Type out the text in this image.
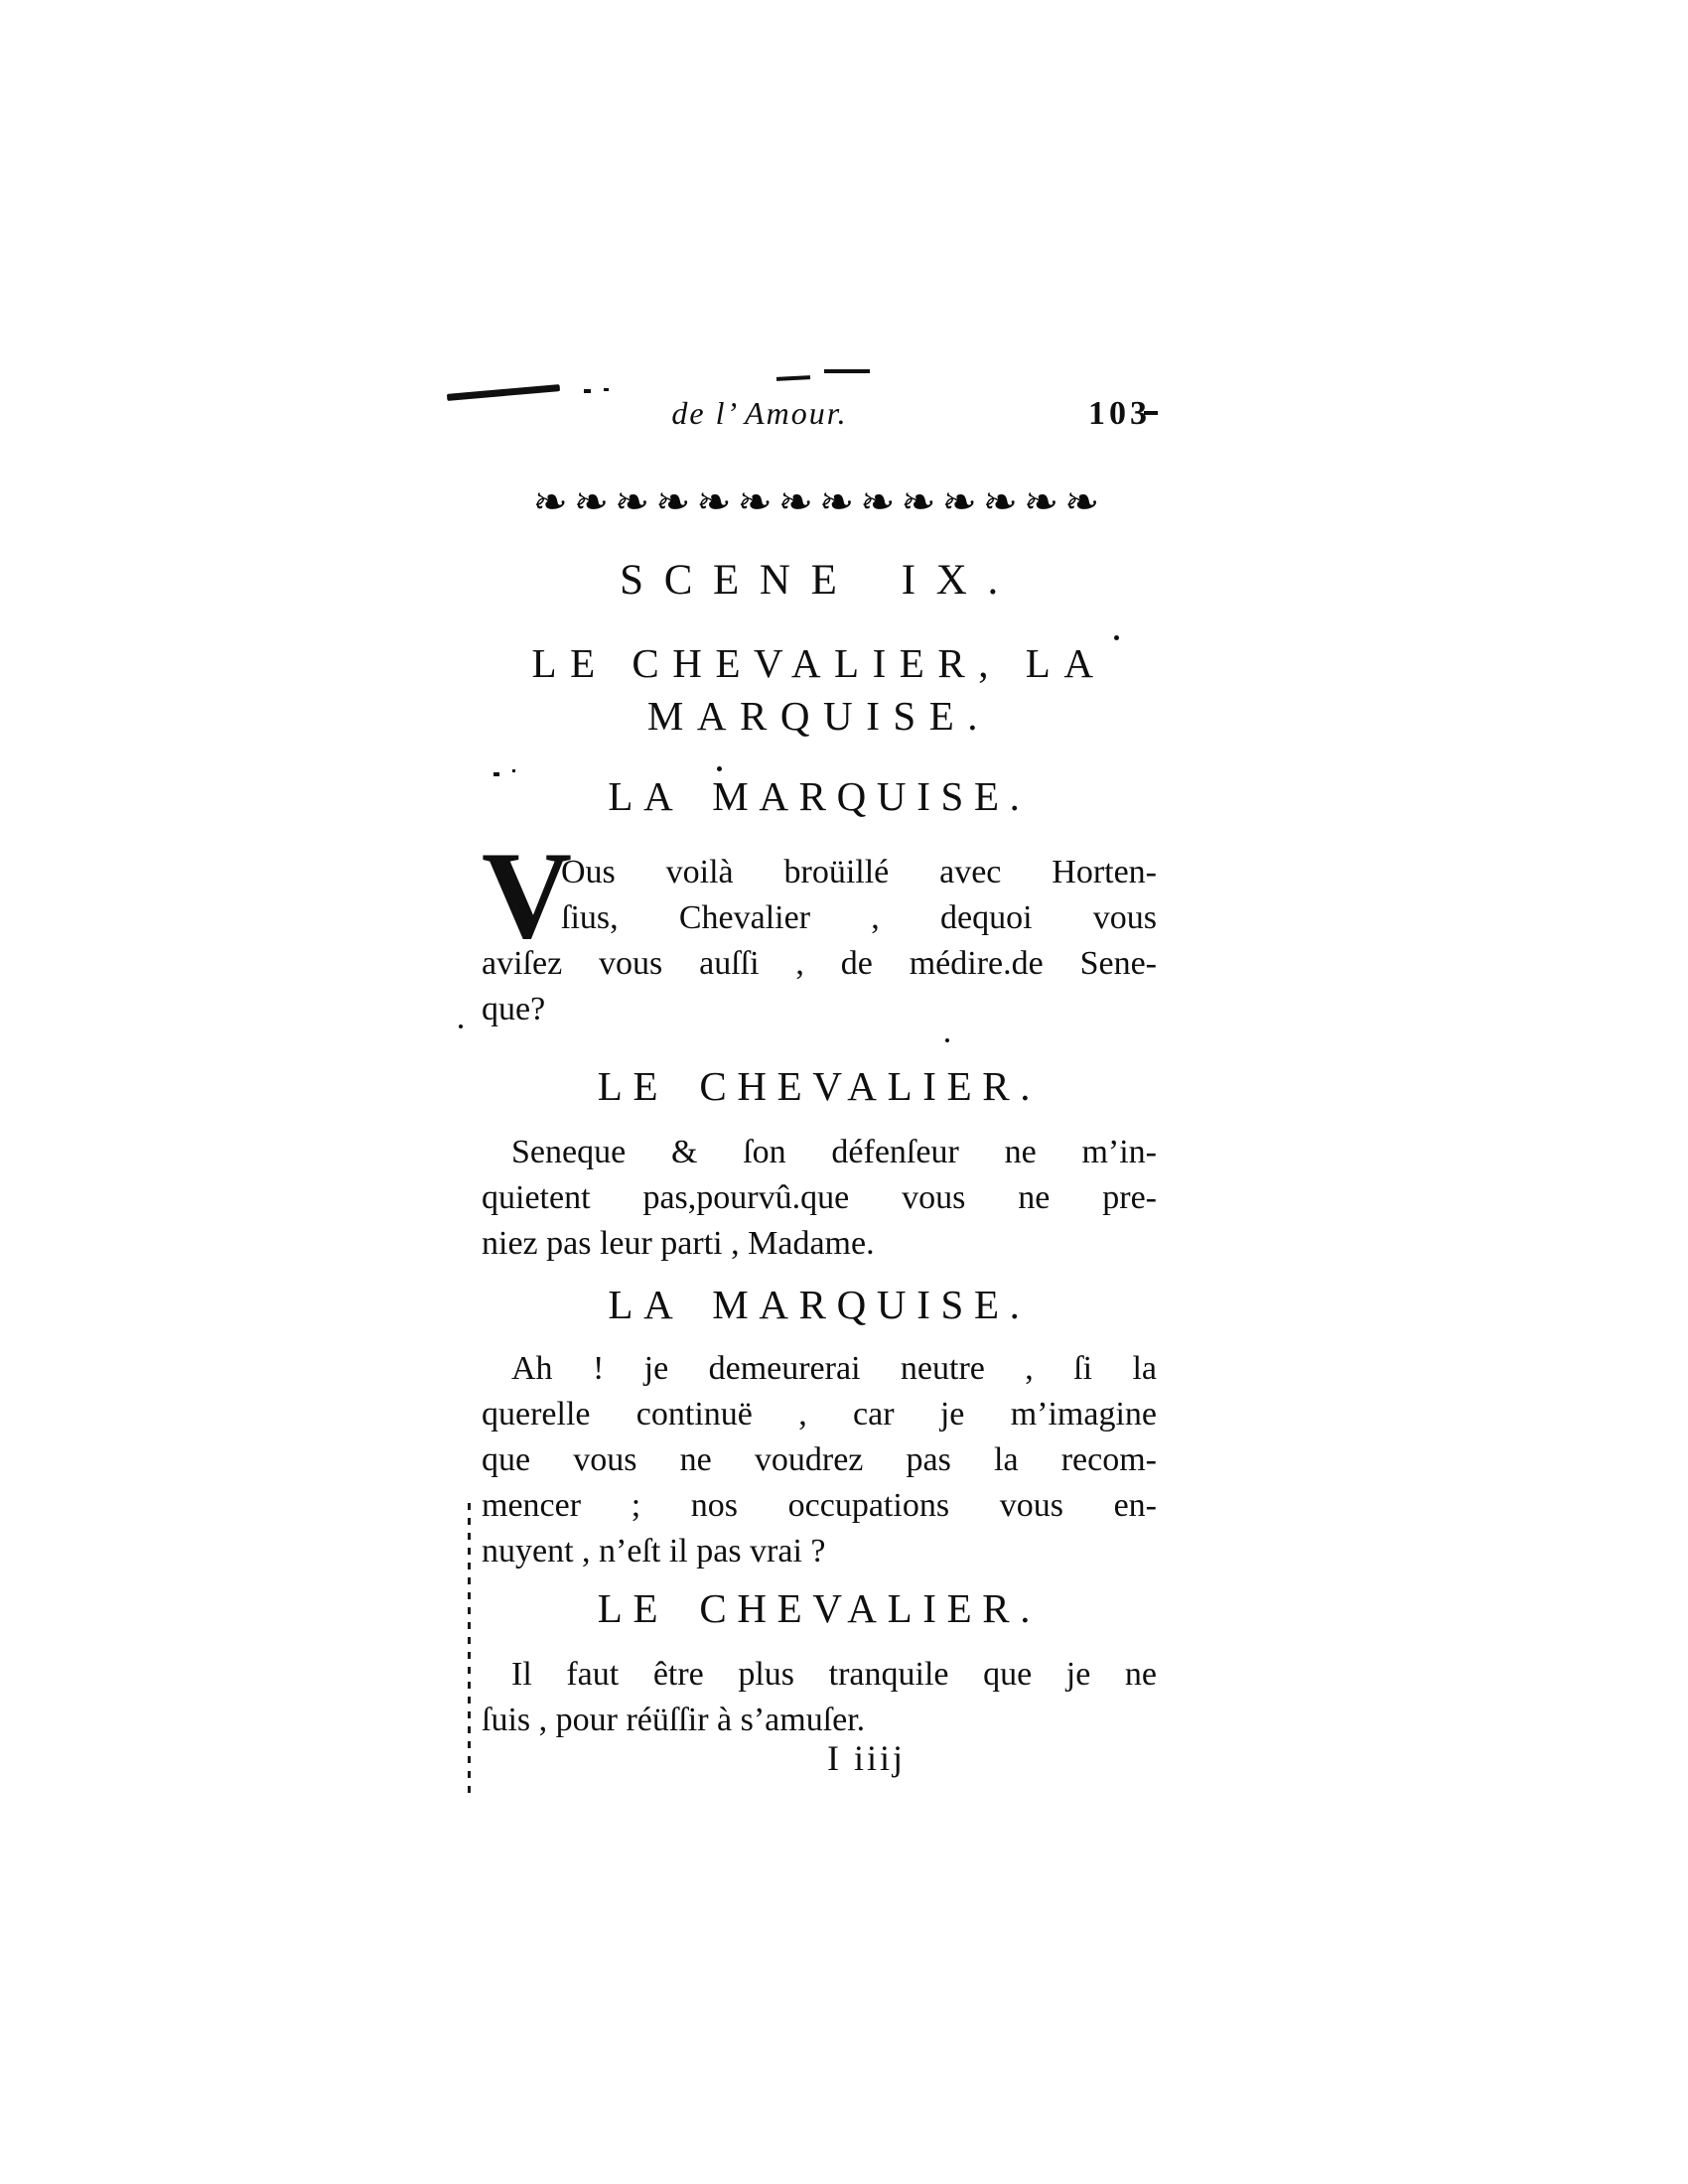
de l’ Amour.	103
❧❧❧❧❧❧❧❧❧❧❧❧❧❧
SCENE IX.
LE CHEVALIER, LA
MARQUISE.
LA MARQUISE.
V
Ous voilà broüillé avec Horten-
ſius, Chevalier , dequoi vous
aviſez vous auſſi , de médire.de Sene-
que?
LE CHEVALIER.
Seneque & ſon défenſeur ne m’in-
quietent pas,pourvû.que vous ne pre-
niez pas leur parti , Madame.
LA MARQUISE.
Ah ! je demeurerai neutre , ſi la
querelle continuë , car je m’imagine
que vous ne voudrez pas la recom-
mencer ; nos occupations vous en-
nuyent , n’eſt il pas vrai ?
LE CHEVALIER.
Il faut être plus tranquile que je ne
ſuis , pour réüſſir à s’amuſer.
I iiij
